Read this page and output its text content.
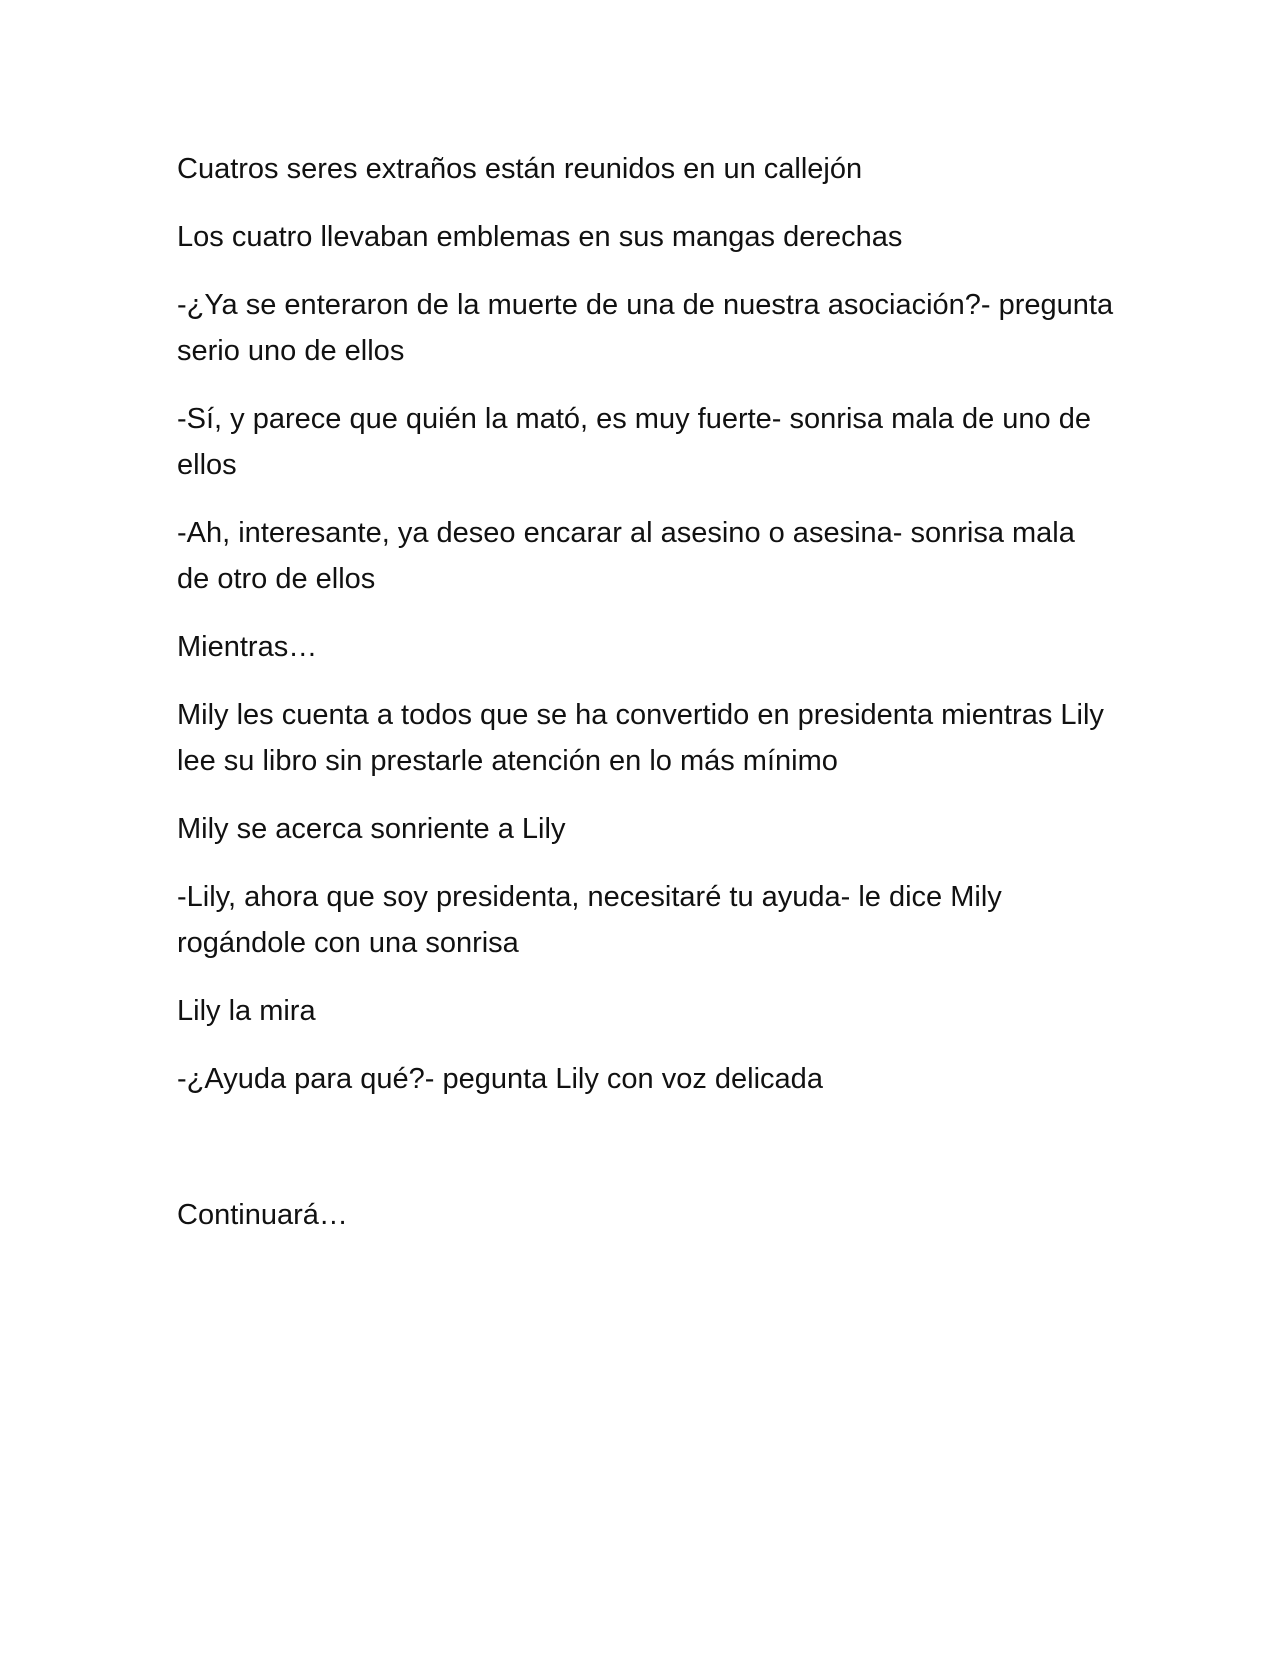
Cuatros seres extraños están reunidos en un callejón

Los cuatro llevaban emblemas en sus mangas derechas

-¿Ya se enteraron de la muerte de una de nuestra asociación?- pregunta serio uno de ellos

-Sí, y parece que quién la mató, es muy fuerte- sonrisa mala de uno de ellos

-Ah, interesante, ya deseo encarar al asesino o asesina- sonrisa mala  de otro de ellos

Mientras…

Mily les cuenta a todos que se ha convertido en presidenta mientras Lily lee su libro sin prestarle atención en lo más mínimo

Mily se acerca sonriente a Lily

-Lily, ahora que soy presidenta, necesitaré tu ayuda- le dice Mily rogándole con una sonrisa

Lily la mira

-¿Ayuda para qué?- pegunta Lily con voz delicada

Continuará…
